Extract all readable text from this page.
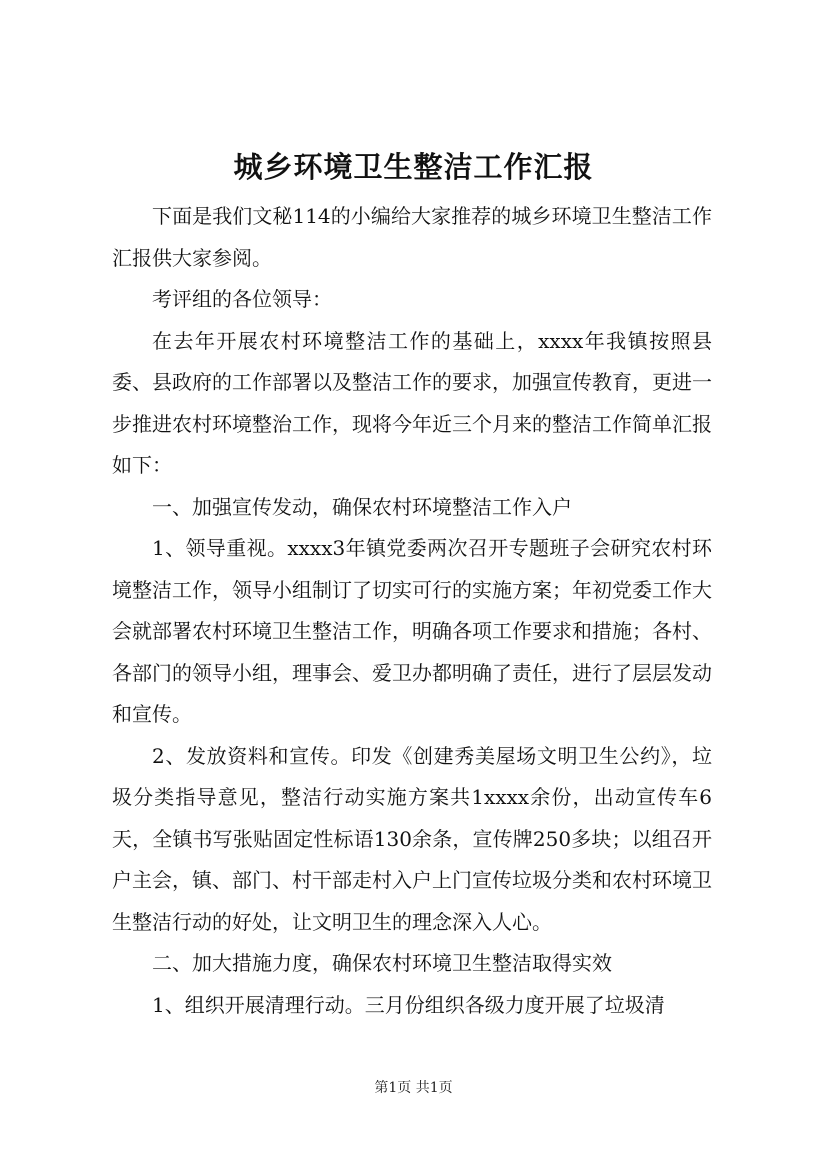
城乡环境卫生整洁工作汇报

下面是我们文秘114的小编给大家推荐的城乡环境卫生整洁工作汇报供大家参阅。

考评组的各位领导：

在去年开展农村环境整洁工作的基础上，xxxx年我镇按照县委、县政府的工作部署以及整洁工作的要求，加强宣传教育，更进一步推进农村环境整治工作，现将今年近三个月来的整洁工作简单汇报如下：

一、加强宣传发动，确保农村环境整洁工作入户

1、领导重视。xxxx3年镇党委两次召开专题班子会研究农村环境整洁工作，领导小组制订了切实可行的实施方案；年初党委工作大会就部署农村环境卫生整洁工作，明确各项工作要求和措施；各村、各部门的领导小组，理事会、爱卫办都明确了责任，进行了层层发动和宣传。

2、发放资料和宣传。印发《创建秀美屋场文明卫生公约》，垃圾分类指导意见，整洁行动实施方案共1xxxx余份，出动宣传车6天，全镇书写张贴固定性标语130余条，宣传牌250多块；以组召开户主会，镇、部门、村干部走村入户上门宣传垃圾分类和农村环境卫生整洁行动的好处，让文明卫生的理念深入人心。

二、加大措施力度，确保农村环境卫生整洁取得实效

1、组织开展清理行动。三月份组织各级力度开展了垃圾清

第1页 共1页
